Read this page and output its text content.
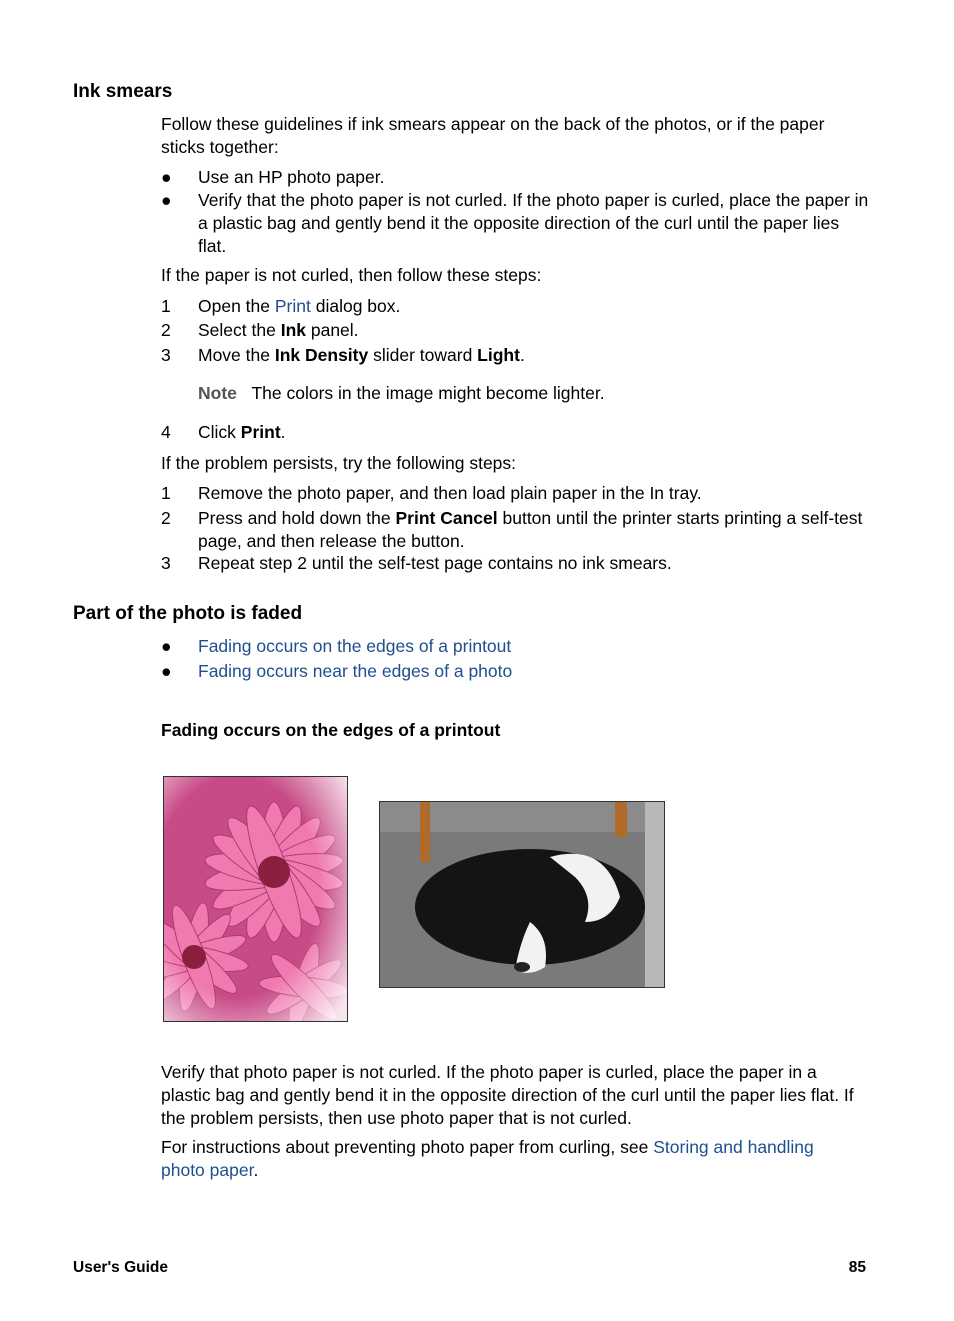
Ink smears

Follow these guidelines if ink smears appear on the back of the photos, or if the paper sticks together:

●	Use an HP photo paper.
●	Verify that the photo paper is not curled. If the photo paper is curled, place the paper in a plastic bag and gently bend it the opposite direction of the curl until the paper lies flat.

If the paper is not curled, then follow these steps:

1	Open the Print dialog box.
2	Select the Ink panel.
3	Move the Ink Density slider toward Light.
Note The colors in the image might become lighter.
4	Click Print.

If the problem persists, try the following steps:

1	Remove the photo paper, and then load plain paper in the In tray.
2	Press and hold down the Print Cancel button until the printer starts printing a self-test page, and then release the button.
3	Repeat step 2 until the self-test page contains no ink smears.
Part of the photo is faded
●	Fading occurs on the edges of a printout
●	Fading occurs near the edges of a photo
Fading occurs on the edges of a printout

Verify that photo paper is not curled. If the photo paper is curled, place the paper in a plastic bag and gently bend it in the opposite direction of the curl until the paper lies flat. If the problem persists, then use photo paper that is not curled.

For instructions about preventing photo paper from curling, see Storing and handling photo paper.

User's Guide	85
